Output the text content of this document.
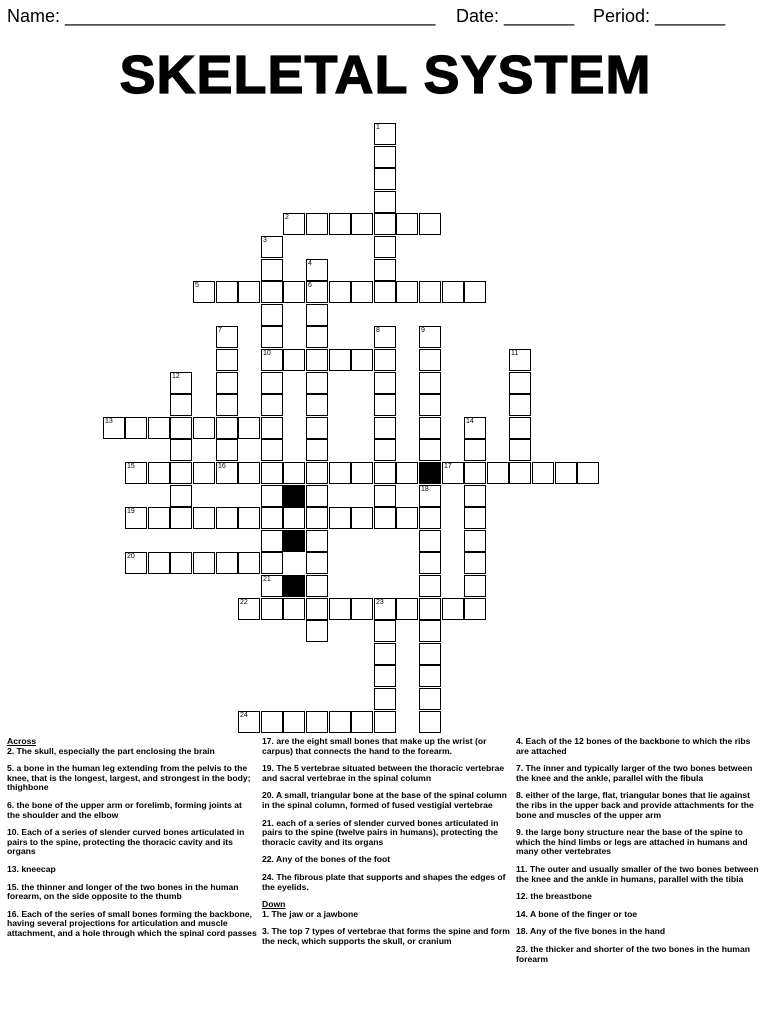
Name: _____________________________________ Date: _______ Period: _______
SKELETAL SYSTEM
1
2
3
10
21
4
6
5
7	8	9
18
11
12
13	14
15	16	17
19
20
22	23
24
Across
2. The skull, especially the part enclosing the brain
5. a bone in the human leg extending from the pelvis to the knee, that is the longest, largest, and strongest in the body; thighbone
6. the bone of the upper arm or forelimb, forming joints at the shoulder and the elbow
10. Each of a series of slender curved bones articulated in pairs to the spine, protecting the thoracic cavity and its organs
13. kneecap
15. the thinner and longer of the two bones in the human forearm, on the side opposite to the thumb
16. Each of the series of small bones forming the backbone, having several projections for articulation and muscle attachment, and a hole through which the spinal cord passes
17. are the eight small bones that make up the wrist (or carpus) that connects the hand to the forearm.
19. The 5 vertebrae situated between the thoracic vertebrae and sacral vertebrae in the spinal column
20. A small, triangular bone at the base of the spinal column in the spinal column, formed of fused vestigial vertebrae
21. each of a series of slender curved bones articulated in pairs to the spine (twelve pairs in humans), protecting the thoracic cavity and its organs
22. Any of the bones of the foot
24. The fibrous plate that supports and shapes the edges of the eyelids.
Down
1. The jaw or a jawbone
3. The top 7 types of vertebrae that forms the spine and form the neck, which supports the skull, or cranium
4. Each of the 12 bones of the backbone to which the ribs are attached
7. The inner and typically larger of the two bones between the knee and the ankle, parallel with the fibula
8. either of the large, flat, triangular bones that lie against the ribs in the upper back and provide attachments for the bone and muscles of the upper arm
9. the large bony structure near the base of the spine to which the hind limbs or legs are attached in humans and many other vertebrates
11. The outer and usually smaller of the two bones between the knee and the ankle in humans, parallel with the tibia
12. the breastbone
14. A bone of the finger or toe
18. Any of the five bones in the hand
23. the thicker and shorter of the two bones in the human forearm
